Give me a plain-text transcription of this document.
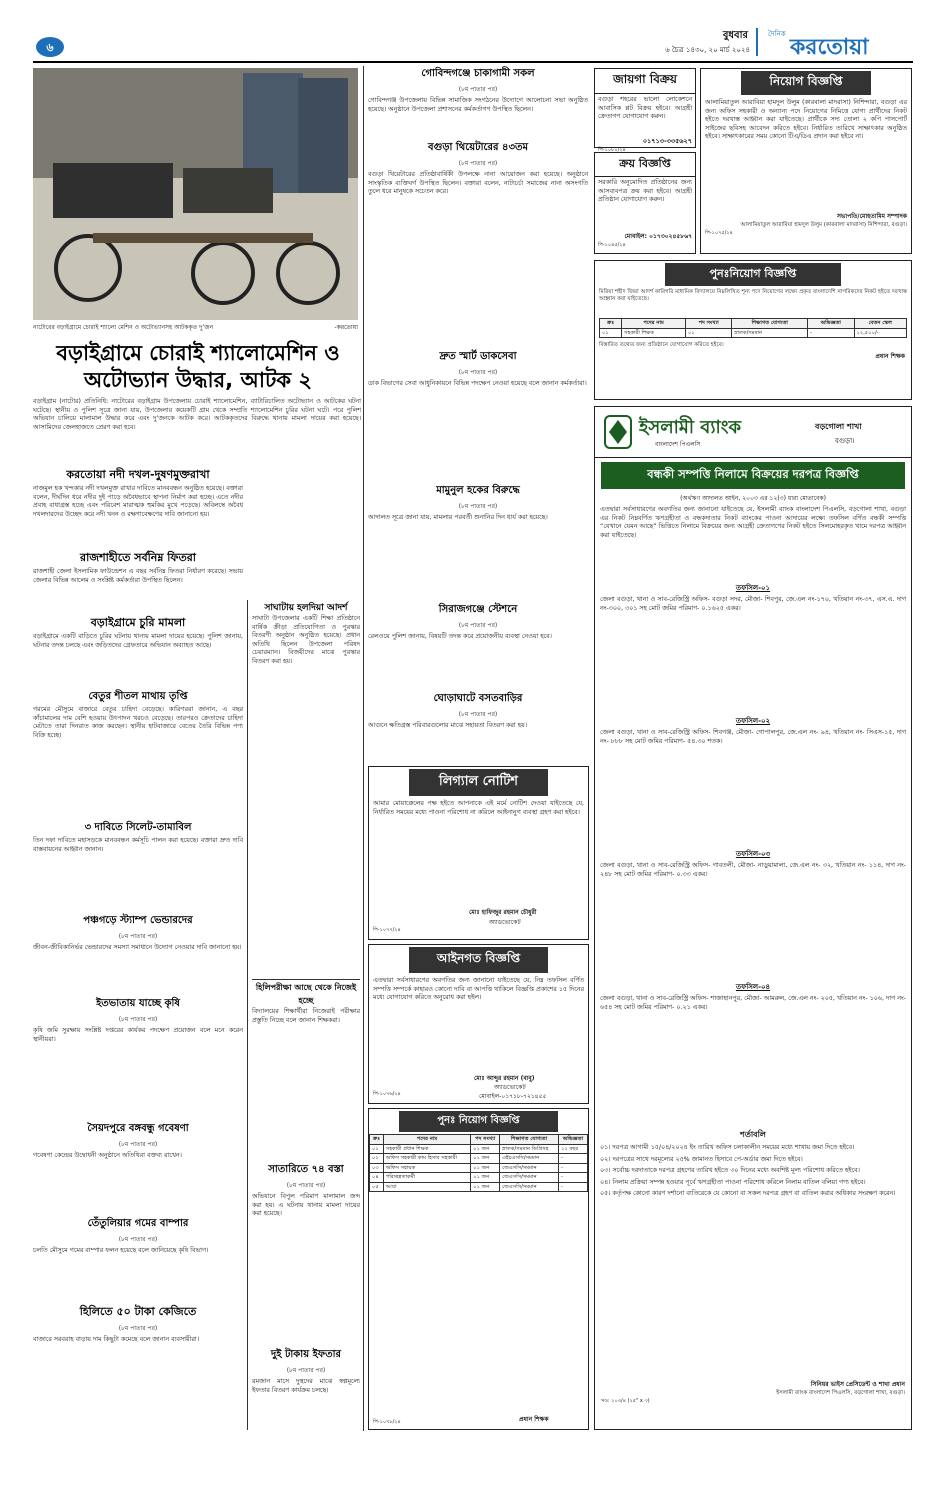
৬
বুধবার
৬ চৈত্র ১৪৩০, ২০ মার্চ ২০২৪
দৈনিক
করতোয়া
নাটোরের বড়াইগ্রামে চোরাই শ্যালো মেশিন ও অটোভ্যানসহ আটককৃত দু’জন	-করতোয়া
বড়াইগ্রামে চোরাই শ্যালোমেশিন ও অটোভ্যান উদ্ধার, আটক ২
বড়াইগ্রাম (নাটোর) প্রতিনিধি: নাটোরের বড়াইগ্রাম উপজেলায় চোরাই শ্যালোমেশিন, ব্যাটারিচালিত অটোভ্যান ও আটকের ঘটনা ঘটেছে। স্থানীয় ও পুলিশ সূত্রে জানা যায়, উপজেলার কয়েকটি গ্রাম থেকে সম্প্রতি শ্যালোমেশিন চুরির ঘটনা ঘটে। পরে পুলিশ অভিযান চালিয়ে মালামাল উদ্ধার করে এবং দু’জনকে আটক করে। আটককৃতদের বিরুদ্ধে থানায় মামলা দায়ের করা হয়েছে। আসামিদের জেলহাজতে প্রেরণ করা হবে।
করতোয়া নদী দখল-দুষণমুক্তরাখা
নাজমুল হক খন্দকার নদী দখলমুক্ত রাখার দাবিতে মানববন্ধন অনুষ্ঠিত হয়েছে। বক্তারা বলেন, দীর্ঘদিন ধরে নদীর দুই পাড়ে অবৈধভাবে স্থাপনা নির্মাণ করা হচ্ছে। এতে নদীর প্রবাহ বাধাগ্রস্ত হচ্ছে এবং পরিবেশ মারাত্মক হুমকির মুখে পড়েছে। অবিলম্বে অবৈধ দখলদারদের উচ্ছেদ করে নদী খনন ও রক্ষণাবেক্ষণের দাবি জানানো হয়।
রাজশাহীতে সর্বনিম্ন ফিতরা
রাজশাহী জেলা ইসলামিক ফাউন্ডেশন এ বছর সর্বনিম্ন ফিতরা নির্ধারণ করেছে। সভায় জেলার বিভিন্ন আলেম ও সংশ্লিষ্ট কর্মকর্তারা উপস্থিত ছিলেন।
বড়াইগ্রামে চুরি মামলা
বড়াইগ্রামে একটি বাড়িতে চুরির ঘটনায় থানায় মামলা দায়ের হয়েছে। পুলিশ জানায়, ঘটনার তদন্ত চলছে এবং জড়িতদের গ্রেফতারে অভিযান অব্যাহত আছে।
বেতুর শীতল মাথায় তৃপ্তি
গরমের মৌসুমে বাজারে বেতুর চাহিদা বেড়েছে। কারিগররা জানান, এ বছর কাঁচামালের দাম বেশি হওয়ায় উৎপাদন খরচও বেড়েছে। তারপরও ক্রেতাদের চাহিদা মেটাতে তারা দিনরাত কাজ করছেন। স্থানীয় হাটবাজারে বেতের তৈরি বিভিন্ন পণ্য বিক্রি হচ্ছে।
৩ দাবিতে সিলেট-তামাবিল
তিন দফা দাবিতে মহাসড়কে মানববন্ধন কর্মসূচি পালন করা হয়েছে। বক্তারা দ্রুত দাবি বাস্তবায়নের আহ্বান জানান।
পঞ্চগড়ে স্ট্যাম্প ভেন্ডারদের
(৮ম পাতার পর)
জীবন-জীবিকানির্ভর ভেন্ডারদের সমস্যা সমাধানে উদ্যোগ নেওয়ার দাবি জানানো হয়।
ইতভাতায় যাচ্ছে কৃষি
(৮ম পাতার পর)
কৃষি জমি সুরক্ষায় সংশ্লিষ্ট দপ্তরের কার্যকর পদক্ষেপ প্রয়োজন বলে মনে করেন স্থানীয়রা।
সৈয়দপুরে বঙ্গবন্ধু গবেষণা
(৮ম পাতার পর)
গবেষণা কেন্দ্রের উদ্বোধনী অনুষ্ঠানে অতিথিরা বক্তব্য রাখেন।
তেঁতুলিয়ার গমের বাম্পার
(৮ম পাতার পর)
চলতি মৌসুমে গমের বাম্পার ফলন হয়েছে বলে জানিয়েছে কৃষি বিভাগ।
হিলিতে ৫০ টাকা কেজিতে
(৮ম পাতার পর)
বাজারে সরবরাহ বাড়ায় দাম কিছুটা কমেছে বলে জানান ব্যবসায়ীরা।
সাঘাটায় হলদিয়া আদর্শ
সাঘাটা উপজেলার একটি শিক্ষা প্রতিষ্ঠানে বার্ষিক ক্রীড়া প্রতিযোগিতা ও পুরস্কার বিতরণী অনুষ্ঠান অনুষ্ঠিত হয়েছে। প্রধান অতিথি ছিলেন উপজেলা পরিষদ চেয়ারম্যান। বিজয়ীদের মাঝে পুরস্কার বিতরণ করা হয়।
হিলিপরীক্ষা আছে থেকে নিজেই হচ্ছে
বিদ্যালয়ের শিক্ষার্থীরা নিজেরাই পরীক্ষার প্রস্তুতি নিচ্ছে বলে জানান শিক্ষকরা।
সাতারিতে ৭৪ বস্তা
(৮ম পাতার পর)
অভিযানে বিপুল পরিমাণ মালামাল জব্দ করা হয়। এ ঘটনায় থানায় মামলা দায়ের করা হয়েছে।
দুই টাকায় ইফতার
(৮ম পাতার পর)
রমজান মাসে দুস্থদের মাঝে স্বল্পমূল্যে ইফতার বিতরণ কার্যক্রম চলছে।
গোবিন্দগঞ্জে চাকাগামী সকল
(৮ম পাতার পর)
গোবিন্দগঞ্জ উপজেলায় বিভিন্ন সামাজিক সংগঠনের উদ্যোগে আলোচনা সভা অনুষ্ঠিত হয়েছে। অনুষ্ঠানে উপজেলা প্রশাসনের কর্মকর্তাগণ উপস্থিত ছিলেন।
বগুড়া থিয়েটারের ৪৩তম
(৮ম পাতার পর)
বগুড়া থিয়েটারের প্রতিষ্ঠাবার্ষিকী উপলক্ষে নানা আয়োজন করা হয়েছে। অনুষ্ঠানে সাংস্কৃতিক ব্যক্তিবর্গ উপস্থিত ছিলেন। বক্তারা বলেন, নাট্যচর্চা সমাজের নানা অসংগতি তুলে ধরে মানুষকে সচেতন করে।
দ্রুত স্মার্ট ডাকসেবা
(৮ম পাতার পর)
ডাক বিভাগের সেবা আধুনিকায়নে বিভিন্ন পদক্ষেপ নেওয়া হয়েছে বলে জানান কর্মকর্তারা।
মামুনুল হকের বিরুদ্ধে
(৮ম পাতার পর)
আদালত সূত্রে জানা যায়, মামলার পরবর্তী শুনানির দিন ধার্য করা হয়েছে।
সিরাজগঞ্জে স্টেশনে
(৮ম পাতার পর)
রেলওয়ে পুলিশ জানায়, বিষয়টি তদন্ত করে প্রয়োজনীয় ব্যবস্থা নেওয়া হবে।
ঘোড়াঘাটে বসতবাড়ির
(৮ম পাতার পর)
আগুনে ক্ষতিগ্রস্ত পরিবারগুলোর মাঝে সহায়তা বিতরণ করা হয়।
লিগ্যাল নোটিশ
আমার মোয়াক্কেলের পক্ষ হইতে আপনাকে এই মর্মে নোটিশ দেওয়া যাইতেছে যে, নির্ধারিত সময়ের মধ্যে পাওনা পরিশোধ না করিলে আইনানুগ ব্যবস্থা গ্রহণ করা হইবে।
মোঃ হাফিজুর রহমান চৌধুরী
অ্যাডভোকেট
পি-১০৭৭/২৪
আইনগত বিজ্ঞপ্তি
এতদ্বারা সর্বসাধারণের অবগতির জন্য জানানো যাইতেছে যে, নিম্ন তফসিল বর্ণিত সম্পত্তি সম্পর্কে কাহারও কোনো দাবি বা আপত্তি থাকিলে বিজ্ঞপ্তি প্রকাশের ১৫ দিনের মধ্যে যোগাযোগ করিতে অনুরোধ করা হইল।
মোঃ আব্দুর রহমান (বাবু)
অ্যাডভোকেট
মোবাইল-০১৭১৮-৭২১৪৫৫
পি-১০৭৬/২৪
পুনঃ নিয়োগ বিজ্ঞপ্তি
ক্রঃ	পদের নাম	পদ সংখ্যা	শিক্ষাগত যোগ্যতা	অভিজ্ঞতা
০১	সহকারী প্রধান শিক্ষক	০১ জন	স্নাতক/সমমান ডিগ্রিসহ	১২ বছর
০২	অফিস সহকারী কাম হিসাব সহকারী	০১ জন	এইচএসসি/সমমান	-
০৩	অফিস সহায়ক	০১ জন	জেএসসি/সমমান	-
০৪	পরিচ্ছন্নতাকর্মী	০১ জন	জেএসসি/সমমান	-
০৫	আয়া	০১ জন	জেএসসি/সমমান	-
প্রধান শিক্ষক
পি-১০৭৮/২৪
জায়গা বিক্রয়
বগুড়া শহরের ভালো লোকেশনে আবাসিক প্লট বিক্রয় হইবে। আগ্রহী ক্রেতাগণ যোগাযোগ করুন।
০১৭১৩-৩৩৫৬২৭
পি-১০৮০/২৪
ক্রয় বিজ্ঞপ্তি
সরকারি অনুমোদিত প্রতিষ্ঠানের জন্য আসবাবপত্র ক্রয় করা হইবে। আগ্রহী প্রতিষ্ঠান যোগাযোগ করুন।
মোবাইল: ০১৭৩০২৪৫৮৬৭
পি-১০৪৫/২৪
নিয়োগ বিজ্ঞপ্তি
আলামিয়াতুল আরাবিয়া হামদুল উলুম (কারবালা মাদরাসা) নিশিন্দারা, বগুড়া এর জন্য অফিস সহকারী ও অন্যান্য পদে নিয়োগের নিমিত্তে যোগ্য প্রার্থীদের নিকট হইতে দরখাস্ত আহ্বান করা যাইতেছে। প্রার্থীকে সদ্য তোলা ২ কপি পাসপোর্ট সাইজের ছবিসহ আবেদন করিতে হইবে। নির্ধারিত তারিখে সাক্ষাৎকার অনুষ্ঠিত হইবে। সাক্ষাৎকারের সময় কোনো টিএ/ডিএ প্রদান করা হইবে না।
সভাপতি/মোহতামিম সম্পাদক
আলামিয়াতুল আরাবিয়া হামদুল উলুম (কারবালা মাদরাসা) নিশিন্দারা, বগুড়া।
পি-১০৭৫/২৪
পুনঃনিয়োগ বিজ্ঞপ্তি
মিরিয়া শহীদ জিয়া আদর্শ কারিগরি মাধ্যমিক বিদ্যালয়ে নিম্নলিখিত শূন্য পদে নিয়োগের লক্ষ্যে প্রকৃত বাংলাদেশি নাগরিকদের নিকট হইতে দরখাস্ত আহ্বান করা যাইতেছে।
ক্রঃ	পদের নাম	পদ সংখ্যা	শিক্ষাগত যোগ্যতা	অভিজ্ঞতা	বেতন স্কেল
০১	সহকারী শিক্ষক	০১	স্নাতক/সমমান	-	১২,৫০০/-
বিস্তারিত তথ্যের জন্য প্রতিষ্ঠানে যোগাযোগ করিতে হইবে।
প্রধান শিক্ষক
ইসলামী ব্যাংক
বাংলাদেশ পিএলসি
বড়গোলা শাখা
বগুড়া।
বন্ধকী সম্পত্তি নিলামে বিক্রয়ের দরপত্র বিজ্ঞপ্তি
(অর্থঋণ আদালত আইন, ২০০৩ এর ১২(৩) ধারা মোতাবেক)
এতদ্বারা সর্বসাধারণের অবগতির জন্য জানানো যাইতেছে যে, ইসলামী ব্যাংক বাংলাদেশ পিএলসি, বড়গোলা শাখা, বগুড়া এর নিকট নিম্নবর্ণিত ঋণগ্রহীতা ও বন্ধকদাতার নিকট ব্যাংকের পাওনা আদায়ের লক্ষ্যে তফসিল বর্ণিত বন্ধকী সম্পত্তি “যেখানে যেমন আছে” ভিত্তিতে নিলামে বিক্রয়ের জন্য আগ্রহী ক্রেতাগণের নিকট হইতে সিলমোহরকৃত খামে দরপত্র আহ্বান করা যাইতেছে।
তফসিল-০১
জেলা বগুড়া, থানা ও সাব-রেজিস্ট্রি অফিস- বগুড়া সদর, মৌজা- শিবপুর, জে.এল নং-১৭০, খতিয়ান নং-৩৭, এস.এ. দাগ নং-৩০০, ৩০১ সহ মোট জমির পরিমাণ- ০.১৬২৫ একর।
তফসিল-০২
জেলা বগুড়া, থানা ও সাব-রেজিস্ট্রি অফিস- শিবগঞ্জ, মৌজা- গোপালপুর, জে.এল নং- ৯৪, খতিয়ান নং- সিএস-১৫, দাগ নং- ৮৮৮ সহ মোট জমির পরিমাণ- ৫৪.৩০ শতক।
তফসিল-০৩
জেলা বগুড়া, থানা ও সাব-রেজিস্ট্রি অফিস- গাবতলী, মৌজা- নাড়ুয়ামালা, জে.এল নং- ৩২, খতিয়ান নং- ১১৪, দাগ নং- ২৪৮ সহ মোট জমির পরিমাণ- ০.৩৩ একর।
তফসিল-০৪
জেলা বগুড়া, থানা ও সাব-রেজিস্ট্রি অফিস- শাজাহানপুর, মৌজা- আমরুল, জে.এল নং- ২০৫, খতিয়ান নং- ১০৬, দাগ নং- ৬৫৪ সহ মোট জমির পরিমাণ- ০.২১ একর।
শর্তাবলি
০১। দরপত্র আগামী ১৫/০৪/২০২৪ ইং তারিখ অফিস চলাকালীন সময়ের মধ্যে শাখায় জমা দিতে হইবে।
০২। দরপত্রের সাথে দরমূল্যের ২৫% জামানত হিসাবে পে-অর্ডার জমা দিতে হইবে।
০৩। সর্বোচ্চ দরদাতাকে দরপত্র গ্রহণের তারিখ হইতে ৩০ দিনের মধ্যে অবশিষ্ট মূল্য পরিশোধ করিতে হইবে।
০৪। নিলাম প্রক্রিয়া সম্পন্ন হওয়ার পূর্বে ঋণগ্রহীতা পাওনা পরিশোধ করিলে নিলাম বাতিল বলিয়া গণ্য হইবে।
০৫। কর্তৃপক্ষ কোনো কারণ দর্শানো ব্যতিরেকে যে কোনো বা সকল দরপত্র গ্রহণ বা বাতিল করার অধিকার সংরক্ষণ করেন।
সিনিয়র ভাইস প্রেসিডেন্ট ও শাখা প্রধান
ইসলামী ব্যাংক বাংলাদেশ পিএলসি, বড়গোলা শাখা, বগুড়া।
সও: ২০৩/৪ (২৫" x ৩)
